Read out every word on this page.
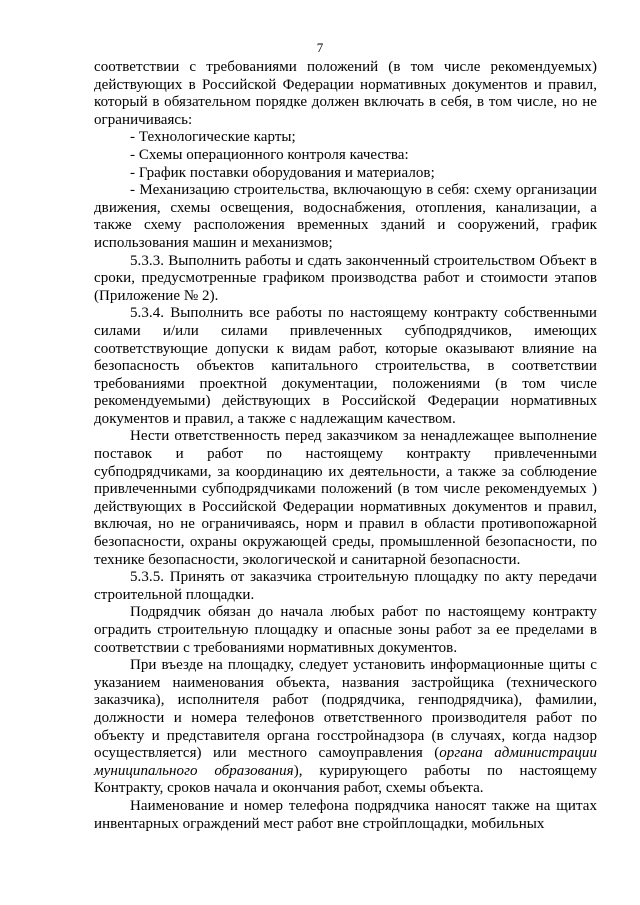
7

соответствии с требованиями положений (в том числе рекомендуемых) действующих в Российской Федерации нормативных документов и правил, который в обязательном порядке должен включать в себя, в том числе, но не ограничиваясь:

- Технологические карты;

- Схемы операционного контроля качества:

- График поставки оборудования и материалов;

- Механизацию строительства, включающую в себя: схему организации движения, схемы освещения, водоснабжения, отопления, канализации, а также схему расположения временных зданий и сооружений, график использования машин и механизмов;

5.3.3. Выполнить работы и сдать законченный строительством Объект в сроки, предусмотренные графиком производства работ и стоимости этапов (Приложение № 2).

5.3.4. Выполнить все работы по настоящему контракту собственными силами и/или силами привлеченных субподрядчиков, имеющих соответствующие допуски к видам работ, которые оказывают влияние на безопасность объектов капитального строительства, в соответствии требованиями проектной документации, положениями (в том числе рекомендуемыми) действующих в Российской Федерации нормативных документов и правил, а также с надлежащим качеством.

Нести ответственность перед заказчиком за ненадлежащее выполнение поставок и работ по настоящему контракту привлеченными субподрядчиками, за координацию их деятельности, а также за соблюдение привлеченными субподрядчиками положений (в том числе рекомендуемых ) действующих в Российской Федерации нормативных документов и правил, включая, но не ограничиваясь, норм и правил в области противопожарной безопасности, охраны окружающей среды, промышленной безопасности, по технике безопасности, экологической и санитарной безопасности.

5.3.5. Принять от заказчика строительную площадку по акту передачи строительной площадки.

Подрядчик обязан до начала любых работ по настоящему контракту оградить строительную площадку и опасные зоны работ за ее пределами в соответствии с требованиями нормативных документов.

При въезде на площадку, следует установить информационные щиты с указанием наименования объекта, названия застройщика (технического заказчика), исполнителя работ (подрядчика, генподрядчика), фамилии, должности и номера телефонов ответственного производителя работ по объекту и представителя органа госстройнадзора (в случаях, когда надзор осуществляется) или местного самоуправления (органа администрации муниципального образования), курирующего работы по настоящему Контракту, сроков начала и окончания работ, схемы объекта.

Наименование и номер телефона подрядчика наносят также на щитах инвентарных ограждений мест работ вне стройплощадки, мобильных
